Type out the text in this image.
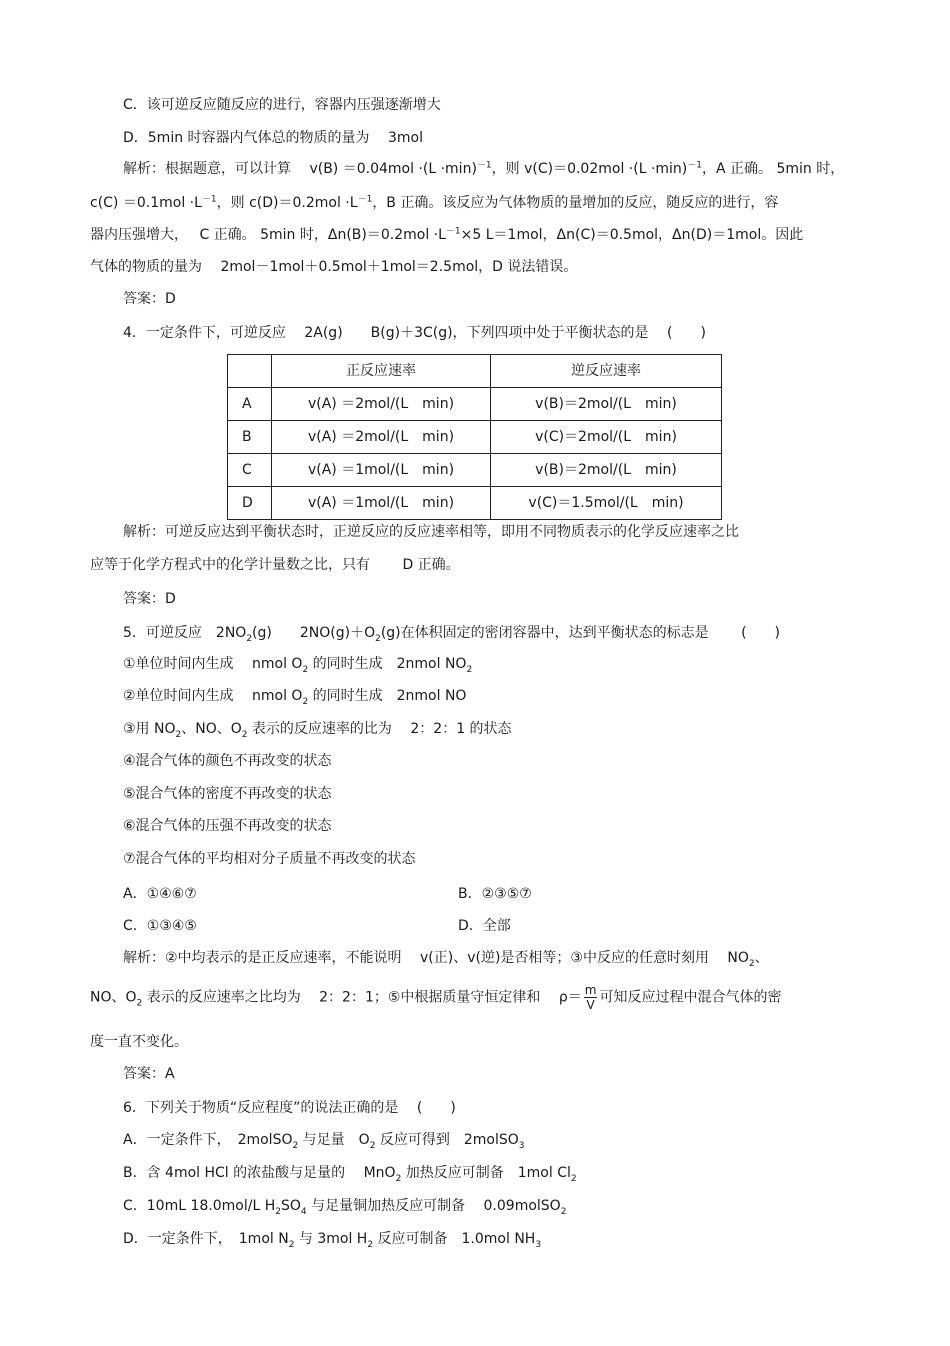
C．该可逆反应随反应的进行，容器内压强逐渐增大
D．5min 时容器内气体总的物质的量为　 3mol
解析：根据题意，可以计算　 $v(B) =0.04mol \cdot(L \cdot\min)^{-1}$，则 $v(C)=0.02mol \cdot(L \cdot\min)^{-1}$，A 正确。 5min 时，
$c(C) =0.1mol \cdot L^{-1}$，则 $c(D)=0.2mol \cdot L^{-1}$，B 正确。该反应为气体物质的量增加的反应，随反应的进行，容
器内压强增大，　 C 正确。 5min 时，$\Delta n(B)=0.2mol \cdot L^{-1}\times 5$ L＝1mol，Δn(C)＝0.5mol，Δn(D)＝1mol。因此
气体的物质的量为　 2mol－1mol＋0.5mol＋1mol＝2.5mol，D 说法错误。
答案：D
4．一定条件下，可逆反应　 2A(g)　　B(g)＋3C(g)，下列四项中处于平衡状态的是　 (　　)
	正反应速率	逆反应速率
A	v(A) ＝2mol/(L　min)	v(B)＝2mol/(L　min)
B	v(A) ＝2mol/(L　min)	v(C)＝2mol/(L　min)
C	v(A) ＝1mol/(L　min)	v(B)＝2mol/(L　min)
D	v(A) ＝1mol/(L　min)	v(C)＝1.5mol/(L　min)
解析：可逆反应达到平衡状态时，正逆反应的反应速率相等，即用不同物质表示的化学反应速率之比
应等于化学方程式中的化学计量数之比，只有　　 D 正确。
答案：D
5．可逆反应　$2NO_2(g)$　　$2NO(g)+O_2(g)$在体积固定的密闭容器中，达到平衡状态的标志是　　 (　　)
①单位时间内生成　 nmol $O_2$ 的同时生成　2nmol $NO_2$
②单位时间内生成　 nmol $O_2$ 的同时生成　2nmol NO
③用 $NO_2$、NO、$O_2$ 表示的反应速率的比为　 2：2：1 的状态
④混合气体的颜色不再改变的状态
⑤混合气体的密度不再改变的状态
⑥混合气体的压强不再改变的状态
⑦混合气体的平均相对分子质量不再改变的状态
A．①④⑥⑦	B．②③⑤⑦
C．①③④⑤	D．全部
解析：②中均表示的是正反应速率，不能说明　 v(正)、v(逆)是否相等；③中反应的任意时刻用　 $NO_2$、
NO、$O_2$ 表示的反应速率之比均为　 2：2：1；⑤中根据质量守恒定律和　 $\rho= \frac{m}{V}$ 可知反应过程中混合气体的密
度一直不变化。
答案：A
6．下列关于物质“反应程度”的说法正确的是　 (　　)
A．一定条件下，　2molSO$_2$ 与足量　$O_2$ 反应可得到　2molSO$_3$
B．含 4mol HCl 的浓盐酸与足量的　 MnO$_2$ 加热反应可制备　1mol $Cl_2$
C．10mL 18.0mol/L $H_2SO_4$ 与足量铜加热反应可制备　 0.09molSO$_2$
D．一定条件下，　1mol $N_2$ 与 3mol $H_2$ 反应可制备　1.0mol $NH_3$
